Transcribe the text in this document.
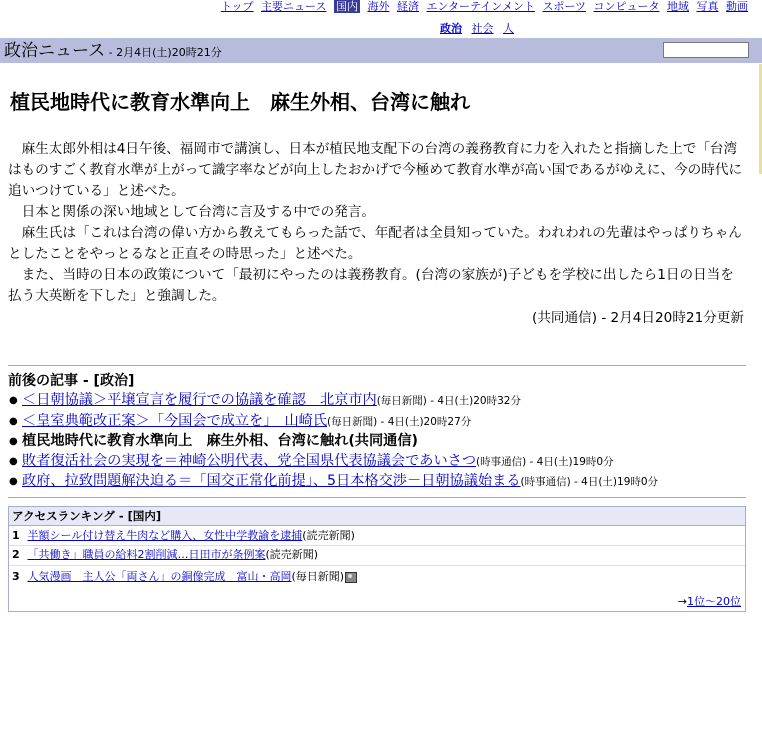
トップ 主要ニュース 国内 海外 経済 エンターテインメント スポーツ コンピュータ 地域 写真 動画
政治 社会 人
政治ニュース - 2月4日(土)20時21分
植民地時代に教育水準向上　麻生外相、台湾に触れ

麻生太郎外相は4日午後、福岡市で講演し、日本が植民地支配下の台湾の義務教育に力を入れたと指摘した上で「台湾はものすごく教育水準が上がって識字率などが向上したおかげで今極めて教育水準が高い国であるがゆえに、今の時代に追いつけている」と述べた。

日本と関係の深い地域として台湾に言及する中での発言。

麻生氏は「これは台湾の偉い方から教えてもらった話で、年配者は全員知っていた。われわれの先輩はやっぱりちゃんとしたことをやっとるなと正直その時思った」と述べた。

また、当時の日本の政策について「最初にやったのは義務教育。(台湾の家族が)子どもを学校に出したら1日の日当を払う大英断を下した」と強調した。

(共同通信) - 2月4日20時21分更新
前後の記事 - [政治]
● ＜日朝協議＞平壌宣言を履行での協議を確認　北京市内(毎日新聞) - 4日(土)20時32分
● ＜皇室典範改正案＞「今国会で成立を」　山崎氏(毎日新聞) - 4日(土)20時27分
● 植民地時代に教育水準向上　麻生外相、台湾に触れ(共同通信)
● 敗者復活社会の実現を＝神崎公明代表、党全国県代表協議会であいさつ(時事通信) - 4日(土)19時0分
● 政府、拉致問題解決迫る＝「国交正常化前提」、5日本格交渉－日朝協議始まる(時事通信) - 4日(土)19時0分
アクセスランキング - [国内]
1 半額シール付け替え牛肉など購入、女性中学教諭を逮捕(読売新聞)
2 「共働き」職員の給料2割削減…日田市が条例案(読売新聞)
3 人気漫画　主人公「両さん」の銅像完成　富山・高岡(毎日新聞)
→1位～20位
